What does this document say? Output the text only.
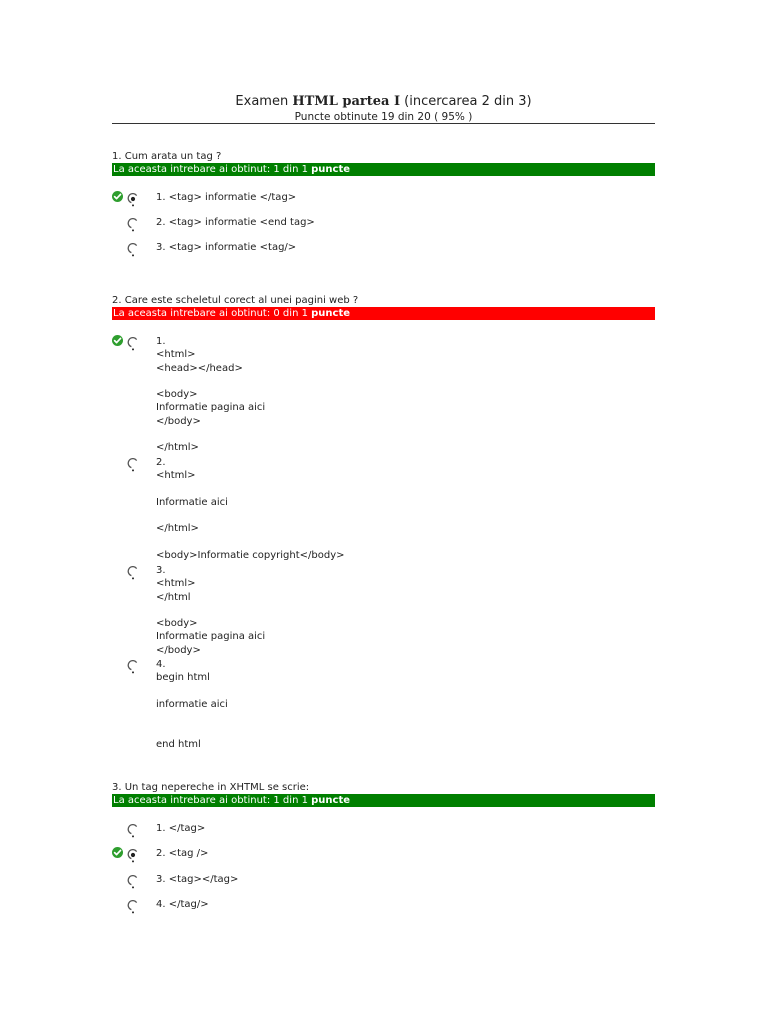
Examen HTML partea I (incercarea 2 din 3)
Puncte obtinute 19 din 20 ( 95% )
1. Cum arata un tag ?
La aceasta intrebare ai obtinut: 1 din 1 puncte
1. <tag> informatie </tag>
2. <tag> informatie <end tag>
3. <tag> informatie <tag/>
2. Care este scheletul corect al unei pagini web ?
La aceasta intrebare ai obtinut: 0 din 1 puncte
1.
<html>
<head></head>

<body>
Informatie pagina aici
</body>

</html>
2.
<html>

Informatie aici

</html>

<body>Informatie copyright</body>
3.
<html>
</html

<body>
Informatie pagina aici
</body>
4.
begin html

informatie aici

end html
3. Un tag nepereche in XHTML se scrie:
La aceasta intrebare ai obtinut: 1 din 1 puncte
1. </tag>
2. <tag />
3. <tag></tag>
4. </tag/>
